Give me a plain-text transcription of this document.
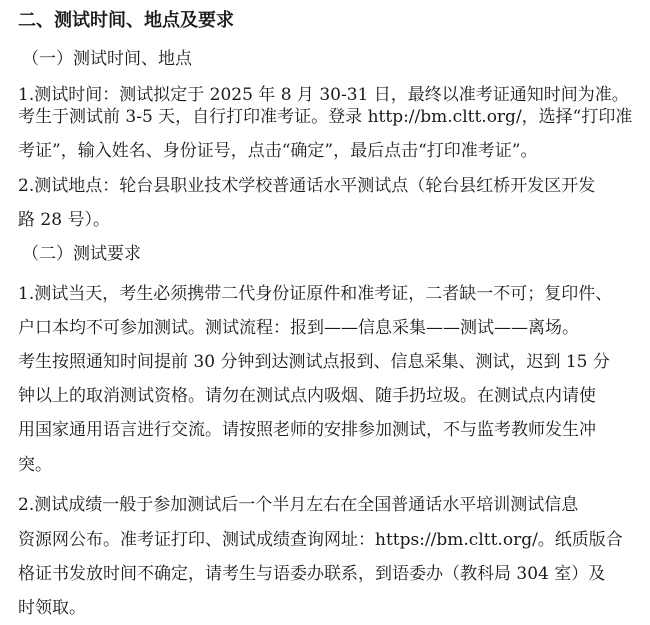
二、测试时间、地点及要求
（一）测试时间、地点
1.测试时间：测试拟定于 2025 年 8 月 30-31 日，最终以准考证通知时间为准。
考生于测试前 3-5 天，自行打印准考证。登录 http://bm.cltt.org/，选择“打印准
考证”，输入姓名、身份证号，点击“确定”，最后点击“打印准考证”。
2.测试地点：轮台县职业技术学校普通话水平测试点（轮台县红桥开发区开发
路 28 号）。
（二）测试要求
1.测试当天，考生必须携带二代身份证原件和准考证，二者缺一不可；复印件、
户口本均不可参加测试。测试流程：报到——信息采集——测试——离场。
考生按照通知时间提前 30 分钟到达测试点报到、信息采集、测试，迟到 15 分
钟以上的取消测试资格。请勿在测试点内吸烟、随手扔垃圾。在测试点内请使
用国家通用语言进行交流。请按照老师的安排参加测试，不与监考教师发生冲
突。
2.测试成绩一般于参加测试后一个半月左右在全国普通话水平培训测试信息
资源网公布。准考证打印、测试成绩查询网址：https://bm.cltt.org/。纸质版合
格证书发放时间不确定，请考生与语委办联系，到语委办（教科局 304 室）及
时领取。
